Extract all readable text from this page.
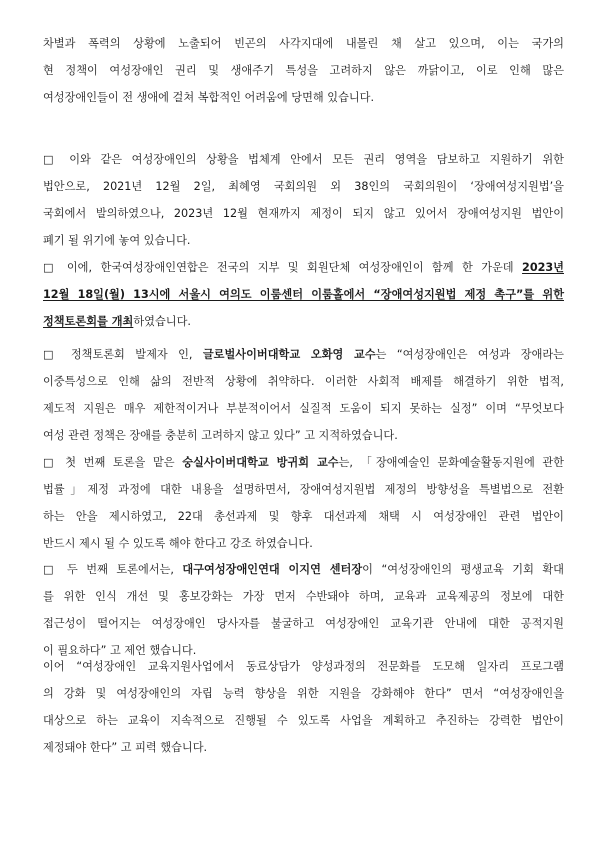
차별과 폭력의 상황에 노출되어 빈곤의 사각지대에 내몰린 채 살고 있으며, 이는 국가의
현 정책이 여성장애인 권리 및 생애주기 특성을 고려하지 않은 까닭이고, 이로 인해 많은
여성장애인들이 전 생애에 걸쳐 복합적인 어려움에 당면해 있습니다.

□ 이와 같은 여성장애인의 상황을 법체계 안에서 모든 권리 영역을 담보하고 지원하기 위한
법안으로, 2021년 12월 2일, 최혜영 국회의원 외 38인의 국회의원이 ‘장애여성지원법’을
국회에서 발의하였으나, 2023년 12월 현재까지 제정이 되지 않고 있어서 장애여성지원 법안이
폐기 될 위기에 놓여 있습니다.

□ 이에, 한국여성장애인연합은 전국의 지부 및 회원단체 여성장애인이 함께 한 가운데 2023년
12월 18일(월) 13시에 서울시 여의도 이룸센터 이룸홀에서 “장애여성지원법 제정 촉구”를 위한
정책토론회를 개최하였습니다.

□ 정책토론회 발제자 인, 글로벌사이버대학교 오화영 교수는 “여성장애인은 여성과 장애라는
이중특성으로 인해 삶의 전반적 상황에 취약하다. 이러한 사회적 배제를 해결하기 위한 법적,
제도적 지원은 매우 제한적이거나 부분적이어서 실질적 도움이 되지 못하는 실정” 이며 “무엇보다
여성 관련 정책은 장애를 충분히 고려하지 않고 있다” 고 지적하였습니다.

□ 첫 번째 토론을 맡은 숭실사이버대학교 방귀희 교수는, 「장애예술인 문화예술활동지원에 관한
법률」제정 과정에 대한 내용을 설명하면서, 장애여성지원법 제정의 방향성을 특별법으로 전환
하는 안을 제시하였고, 22대 총선과제 및 향후 대선과제 채택 시 여성장애인 관련 법안이
반드시 제시 될 수 있도록 해야 한다고 강조 하였습니다.

□ 두 번째 토론에서는, 대구여성장애인연대 이지연 센터장이 “여성장애인의 평생교육 기회 확대
를 위한 인식 개선 및 홍보강화는 가장 먼저 수반돼야 하며, 교육과 교육제공의 정보에 대한
접근성이 떨어지는 여성장애인 당사자를 불굴하고 여성장애인 교육기관 안내에 대한 공적지원
이 필요하다” 고 제언 했습니다.

이어 “여성장애인 교육지원사업에서 동료상담가 양성과정의 전문화를 도모해 일자리 프로그램
의 강화 및 여성장애인의 자립 능력 향상을 위한 지원을 강화해야 한다” 면서 “여성장애인을
대상으로 하는 교육이 지속적으로 진행될 수 있도록 사업을 계획하고 추진하는 강력한 법안이
제정돼야 한다” 고 피력 했습니다.
